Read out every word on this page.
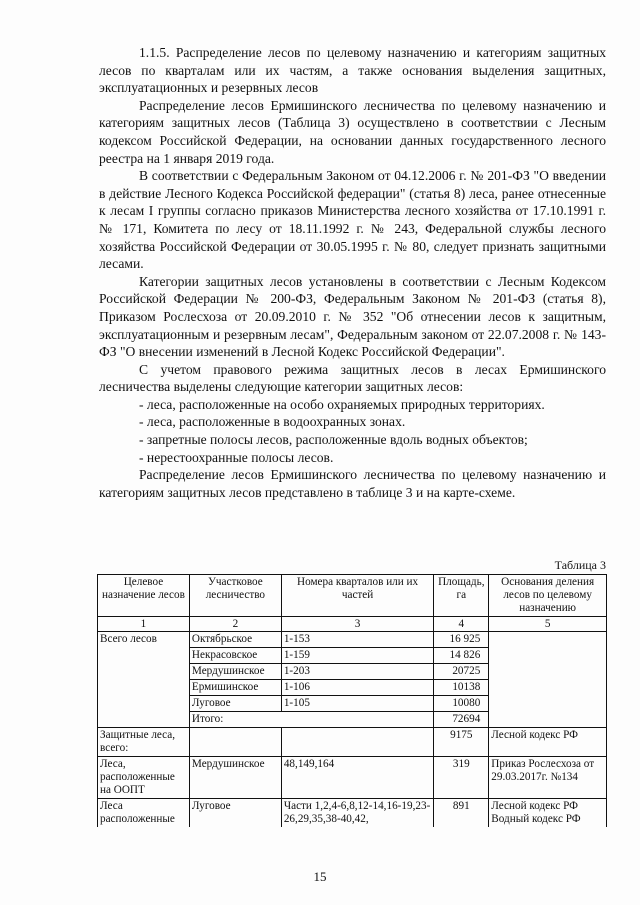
1.1.5. Распределение лесов по целевому назначению и категориям защитных лесов по кварталам или их частям, а также основания выделения защитных, эксплуатационных и резервных лесов

Распределение лесов Ермишинского лесничества по целевому назначению и категориям защитных лесов (Таблица 3) осуществлено в соответствии с Лесным кодексом Российской Федерации, на основании данных государственного лесного реестра на 1 января 2019 года.

В соответствии с Федеральным Законом от 04.12.2006 г. № 201-ФЗ "О введении в действие Лесного Кодекса Российской федерации" (статья 8) леса, ранее отнесенные к лесам I группы согласно приказов Министерства лесного хозяйства от 17.10.1991 г. № 171, Комитета по лесу от 18.11.1992 г. № 243, Федеральной службы лесного хозяйства Российской Федерации от 30.05.1995 г. № 80, следует признать защитными лесами.

Категории защитных лесов установлены в соответствии с Лесным Кодексом Российской Федерации № 200-ФЗ, Федеральным Законом № 201-ФЗ (статья 8), Приказом Рослесхоза от 20.09.2010 г. № 352 "Об отнесении лесов к защитным, эксплуатационным и резервным лесам", Федеральным законом от 22.07.2008 г. № 143-ФЗ "О внесении изменений в Лесной Кодекс Российской Федерации".

С учетом правового режима защитных лесов в лесах Ермишинского лесничества выделены следующие категории защитных лесов:

- леса, расположенные на особо охраняемых природных территориях.

- леса, расположенные в водоохранных зонах.

- запретные полосы лесов, расположенные вдоль водных объектов;

- нерестоохранные полосы лесов.

Распределение лесов Ермишинского лесничества по целевому назначению и категориям защитных лесов представлено в таблице 3 и на карте-схеме.

Таблица 3
Целевое назначение лесов	Участковое лесничество	Номера кварталов или их частей	Площадь, га	Основания деления лесов по целевому назначению
1	2	3	4	5
Всего лесов	Октябрьское	1-153	16 925	
	Некрасовское	1-159	14 826	
	Мердушинское	1-203	20725	
	Ермишинское	1-106	10138	
	Луговое	1-105	10080	
	Итого:		72694	
Защитные леса, всего:			9175	Лесной кодекс РФ
Леса, расположенные на ООПТ	Мердушинское	48,149,164	319	Приказ Рослесхоза от 29.03.2017г. №134
Леса расположенные	Луговое	Части 1,2,4-6,8,12-14,16-19,23-26,29,35,38-40,42,	891	Лесной кодекс РФ
Водный кодекс РФ
15
